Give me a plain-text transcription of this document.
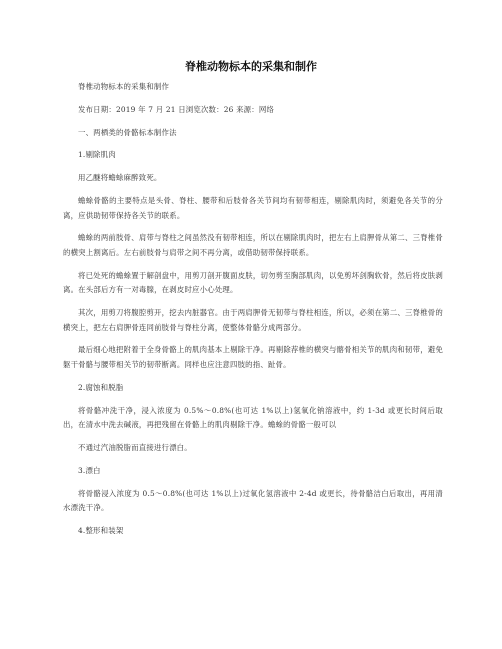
脊椎动物标本的采集和制作

脊椎动物标本的采集和制作

发布日期：2019 年 7 月 21 日浏览次数：26 来源：网络

一、两栖类的骨骼标本制作法

1.剔除肌肉

用乙醚将蟾蜍麻醉致死。

蟾蜍骨骼的主要特点是头骨、脊柱、腰带和后肢骨各关节间均有韧带相连，剔除肌肉时，须避免各关节的分离，应供助韧带保持各关节的联系。

蟾蜍的两前肢骨、肩带与脊柱之间虽然没有韧带相连，所以在剔除肌肉时，把左右上肩胛骨从第二、三脊椎骨的横突上割离后。左右前肢骨与肩带之间不再分离，或借助韧带保持联系。

将已处死的蟾蜍置于解剖盘中，用剪刀剖开腹面皮肤，切勿剪至胸部肌肉，以免剪坏剑胸软骨，然后将皮肤剥离。在头部后方有一对毒腺，在剥皮时应小心处理。

其次，用剪刀将腹腔剪开，挖去内脏器官。由于两肩胛骨无韧带与脊柱相连，所以，必须在第二、三脊椎骨的横突上，把左右肩胛骨连同前肢骨与脊柱分离，使整体骨骼分成两部分。

最后细心地把附着于全身骨骼上的肌肉基本上剔除干净。再剔除荐椎的横突与髂骨相关节的肌肉和韧带，避免躯干骨骼与腰带相关节的韧带断离。同样也应注意四肢的指、趾骨。

2.腐蚀和脱脂

将骨骼冲洗干净，浸入浓度为 0.5%～0.8%(也可达 1%以上)氢氧化钠溶液中，约 1-3d 或更长时间后取出，在清水中洗去碱液，再把残留在骨骼上的肌肉剔除干净。蟾蜍的骨骼一般可以

不通过汽油脱脂而直接进行漂白。

3.漂白

将骨骼浸入浓度为 0.5～0.8%(也可达 1%以上)过氧化氢溶液中 2-4d 或更长，待骨骼洁白后取出，再用清水漂洗干净。

4.整形和装架
